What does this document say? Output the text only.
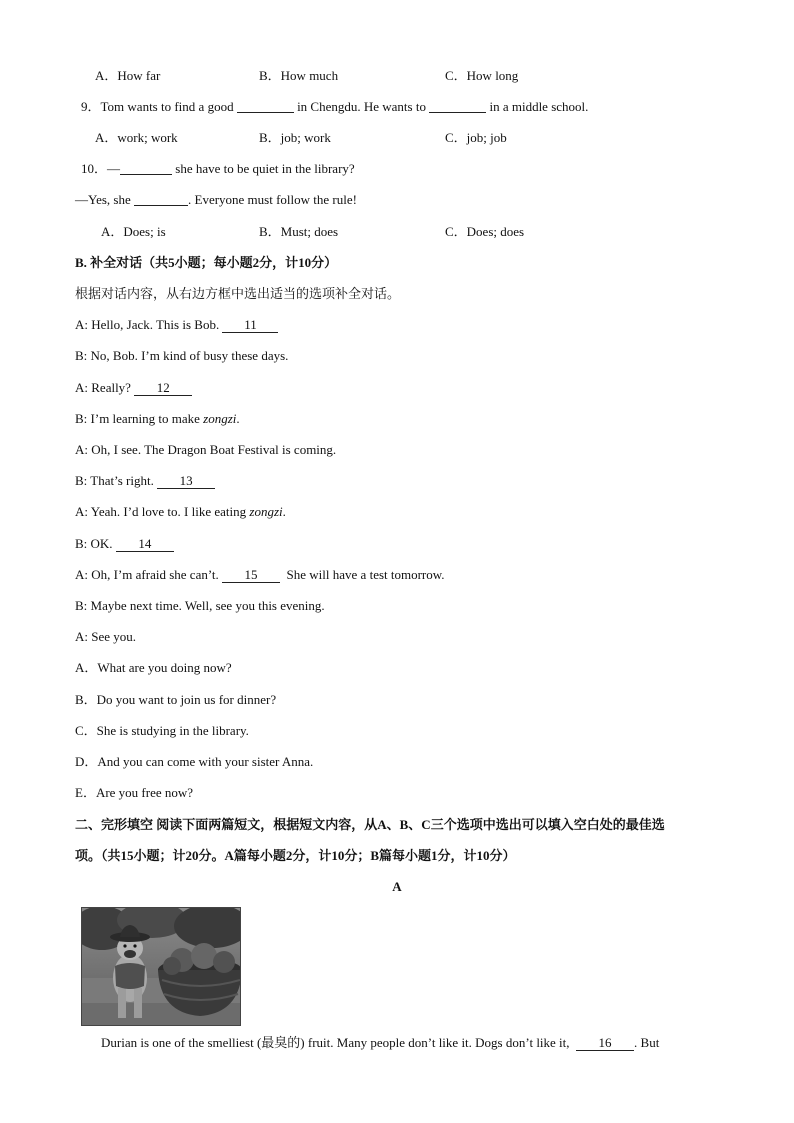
A．How far	B．How much	C．How long
9．Tom wants to find a good	in Chengdu. He wants to	in a middle school.
A．work; work	B．job; work	C．job; job
10．—	she have to be quiet in the library?
—Yes, she	. Everyone must follow the rule!
A．Does; is	B．Must; does	C．Does; does
B. 补全对话（共5小题；每小题2分，计10分）
根据对话内容，从右边方框中选出适当的选项补全对话。
A: Hello, Jack. This is Bob. 11
B: No, Bob. I’m kind of busy these days.
A: Really? 12
B: I’m learning to make zongzi.
A: Oh, I see. The Dragon Boat Festival is coming.
B: That’s right. 13
A: Yeah. I’d love to. I like eating zongzi.
B: OK. 14
A: Oh, I’m afraid she can’t. 15  She will have a test tomorrow.
B: Maybe next time. Well, see you this evening.
A: See you.
A．What are you doing now?
B．Do you want to join us for dinner?
C．She is studying in the library.
D．And you can come with your sister Anna.
E．Are you free now?
二、完形填空 阅读下面两篇短文，根据短文内容，从A、B、C三个选项中选出可以填入空白处的最佳选
项。（共15小题；计20分。A篇每小题2分，计10分；B篇每小题1分，计10分）
A
Durian is one of the smelliest (最臭的) fruit. Many people don’t like it. Dogs don’t like it,  16 . But
